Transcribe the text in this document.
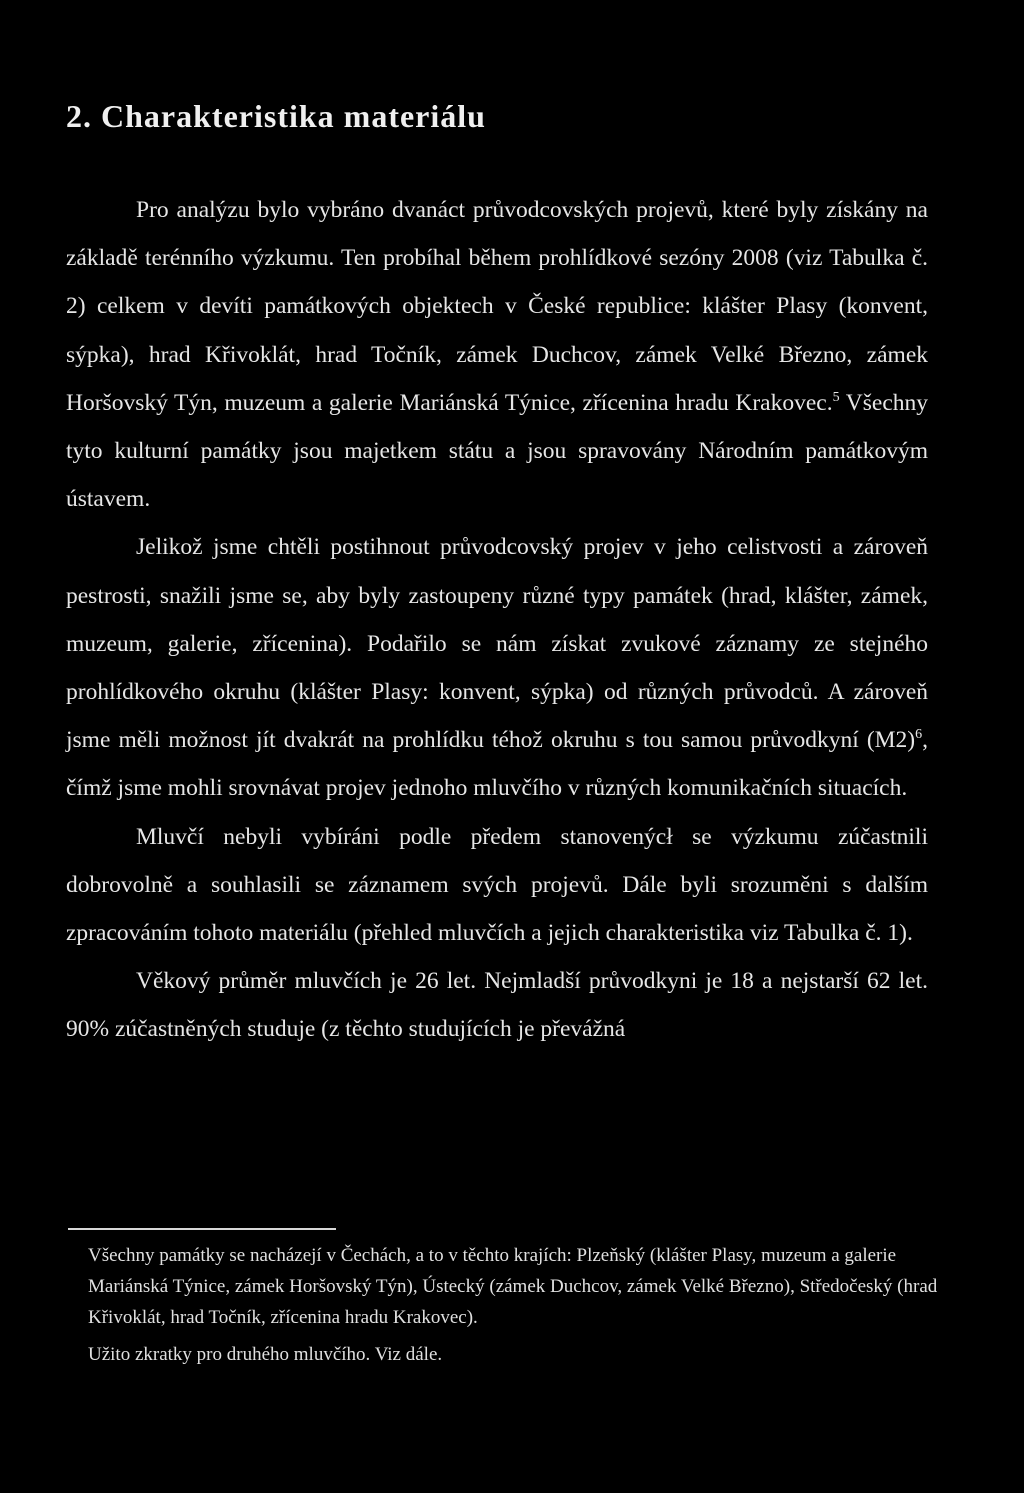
2. Charakteristika materiálu

Pro analýzu bylo vybráno dvanáct průvodcovských projevů, které byly získány na základě terénního výzkumu. Ten probíhal během prohlídkové sezóny 2008 (viz Tabulka č. 2) celkem v devíti památkových objektech v České republice: klášter Plasy (konvent, sýpka), hrad Křivoklát, hrad Točník, zámek Duchcov, zámek Velké Březno, zámek Horšovský Týn, muzeum a galerie Mariánská Týnice, zřícenina hradu Krakovec.$^5$ Všechny tyto kulturní památky jsou majetkem státu a jsou spravovány Národním památkovým ústavem.

Jelikož jsme chtěli postihnout průvodcovský projev v jeho celistvosti a zároveň pestrosti, snažili jsme se, aby byly zastoupeny různé typy památek (hrad, klášter, zámek, muzeum, galerie, zřícenina). Podařilo se nám získat zvukové záznamy ze stejného prohlídkového okruhu (klášter Plasy: konvent, sýpka) od různých průvodců. A zároveň jsme měli možnost jít dvakrát na prohlídku téhož okruhu s tou samou průvodkyní $(M2)^6$, čímž jsme mohli srovnávat projev jednoho mluvčího v různých komunikačních situacích.

Mluvčí nebyli vybíráni podle předem stanovenýcł se výzkumu zúčastnili dobrovolně a souhlasili se záznamem svých projevů. Dále byli srozuměni s dalším zpracováním tohoto materiálu (přehled mluvčích a jejich charakteristika viz Tabulka č. 1).

Věkový průměr mluvčích je 26 let. Nejmladší průvodkyni je 18 a nejstarší 62 let. 90% zúčastněných studuje (z těchto studujících je převážná

Všechny památky se nacházejí v Čechách, a to v těchto krajích: Plzeňský (klášter Plasy, muzeum a galerie Mariánská Týnice, zámek Horšovský Týn), Ústecký (zámek Duchcov, zámek Velké Březno), Středočeský (hrad Křivoklát, hrad Točník, zřícenina hradu Krakovec).

Užito zkratky pro druhého mluvčího. Viz dále.
